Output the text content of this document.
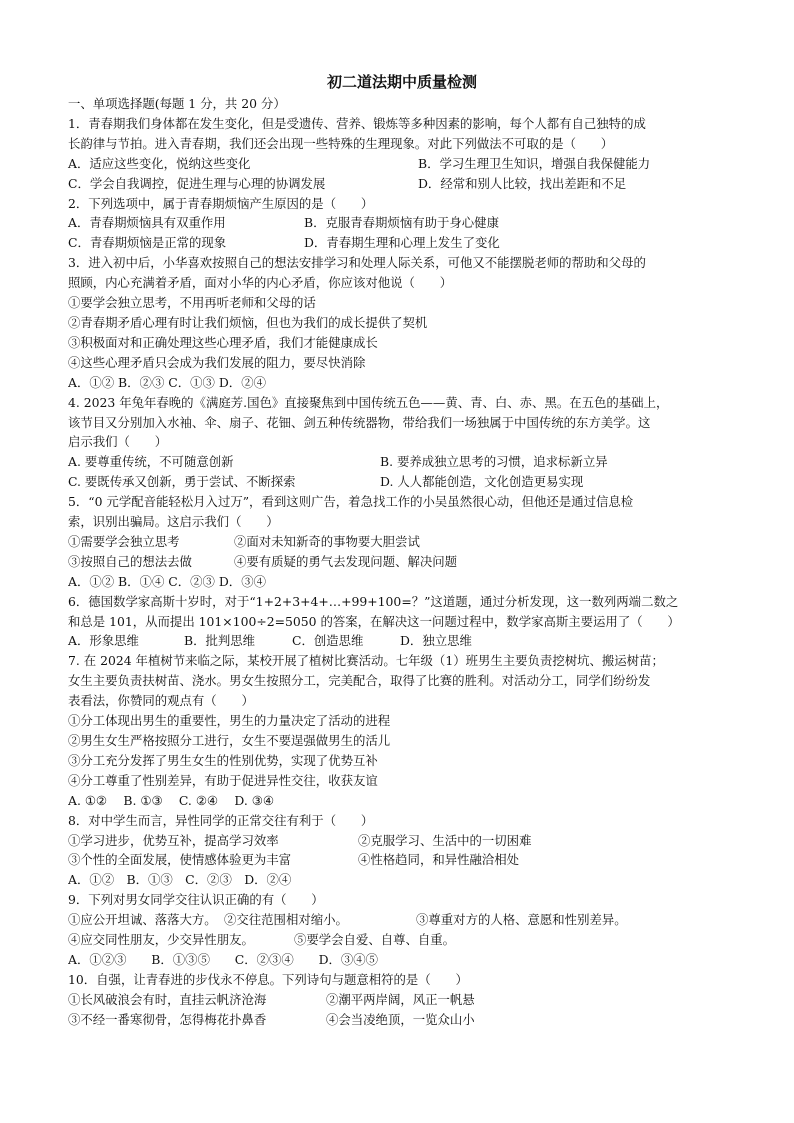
初二道法期中质量检测
一、单项选择题(每题 1 分，共 20 分）
1．青春期我们身体都在发生变化，但是受遗传、营养、锻炼等多种因素的影响，每个人都有自己独特的成
长韵律与节拍。进入青春期，我们还会出现一些特殊的生理现象。对此下列做法不可取的是（　　）
A．适应这些变化，悦纳这些变化	B．学习生理卫生知识，增强自我保健能力
C．学会自我调控，促进生理与心理的协调发展	D．经常和别人比较，找出差距和不足
2．下列选项中，属于青春期烦恼产生原因的是（　　）
A．青春期烦恼具有双重作用	B．克服青春期烦恼有助于身心健康
C．青春期烦恼是正常的现象	D．青春期生理和心理上发生了变化
3．进入初中后，小华喜欢按照自己的想法安排学习和处理人际关系，可他又不能摆脱老师的帮助和父母的
照顾，内心充满着矛盾，面对小华的内心矛盾，你应该对他说（　　）
①要学会独立思考，不用再听老师和父母的话
②青春期矛盾心理有时让我们烦恼，但也为我们的成长提供了契机
③积极面对和正确处理这些心理矛盾，我们才能健康成长
④这些心理矛盾只会成为我们发展的阻力，要尽快消除
A．①② B．②③ C．①③ D．②④
4. 2023 年兔年春晚的《满庭芳.国色》直接聚焦到中国传统五色——黄、青、白、赤、黑。在五色的基础上，
该节目又分别加入水袖、伞、扇子、花钿、剑五种传统器物，带给我们一场独属于中国传统的东方美学。这
启示我们（　　）
A. 要尊重传统，不可随意创新	B. 要养成独立思考的习惯，追求标新立异
C. 要既传承又创新，勇于尝试、不断探索	D. 人人都能创造，文化创造更易实现
5．“0 元学配音能轻松月入过万”，看到这则广告，着急找工作的小吴虽然很心动，但他还是通过信息检
索，识别出骗局。这启示我们（　　）
①需要学会独立思考	②面对未知新奇的事物要大胆尝试
③按照自己的想法去做	④要有质疑的勇气去发现问题、解决问题
A．①② B．①④ C．②③ D．③④
6．德国数学家高斯十岁时，对于“1+2+3+4+…+99+100=？”这道题，通过分析发现，这一数列两端二数之
和总是 101，从而提出 101×100÷2=5050 的答案，在解决这一问题过程中，数学家高斯主要运用了（　　）
A．形象思维	B．批判思维	C．创造思维	D．独立思维
7. 在 2024 年植树节来临之际，某校开展了植树比赛活动。七年级（1）班男生主要负责挖树坑、搬运树苗；
女生主要负责扶树苗、浇水。男女生按照分工，完美配合，取得了比赛的胜利。对活动分工，同学们纷纷发
表看法，你赞同的观点有（　　）
①分工体现出男生的重要性，男生的力量决定了活动的进程
②男生女生严格按照分工进行，女生不要逞强做男生的活儿
③分工充分发挥了男生女生的性别优势，实现了优势互补
④分工尊重了性别差异，有助于促进异性交往，收获友谊
A. ①②　 B. ①③　 C. ②④　 D. ③④
8．对中学生而言，异性同学的正常交往有利于（　　）
①学习进步，优势互补，提高学习效率	②克服学习、生活中的一切困难
③个性的全面发展，使情感体验更为丰富	④性格趋同，和异性融洽相处
A．①②　B．①③　C．②③　D．②④
9．下列对男女同学交往认识正确的有（　　）
①应公开坦诚、落落大方。 ②交往范围相对缩小。	③尊重对方的人格、意愿和性别差异。
④应交同性朋友，少交异性朋友。	⑤要学会自爱、自尊、自重。
A．①②③　　B．①③⑤　　C．②③④　　D．③④⑤
10．自强，让青春进的步伐永不停息。下列诗句与题意相符的是（　　）
①长风破浪会有时，直挂云帆济沧海	②潮平两岸阔，风正一帆悬
③不经一番寒彻骨，怎得梅花扑鼻香	④会当凌绝顶，一览众山小
